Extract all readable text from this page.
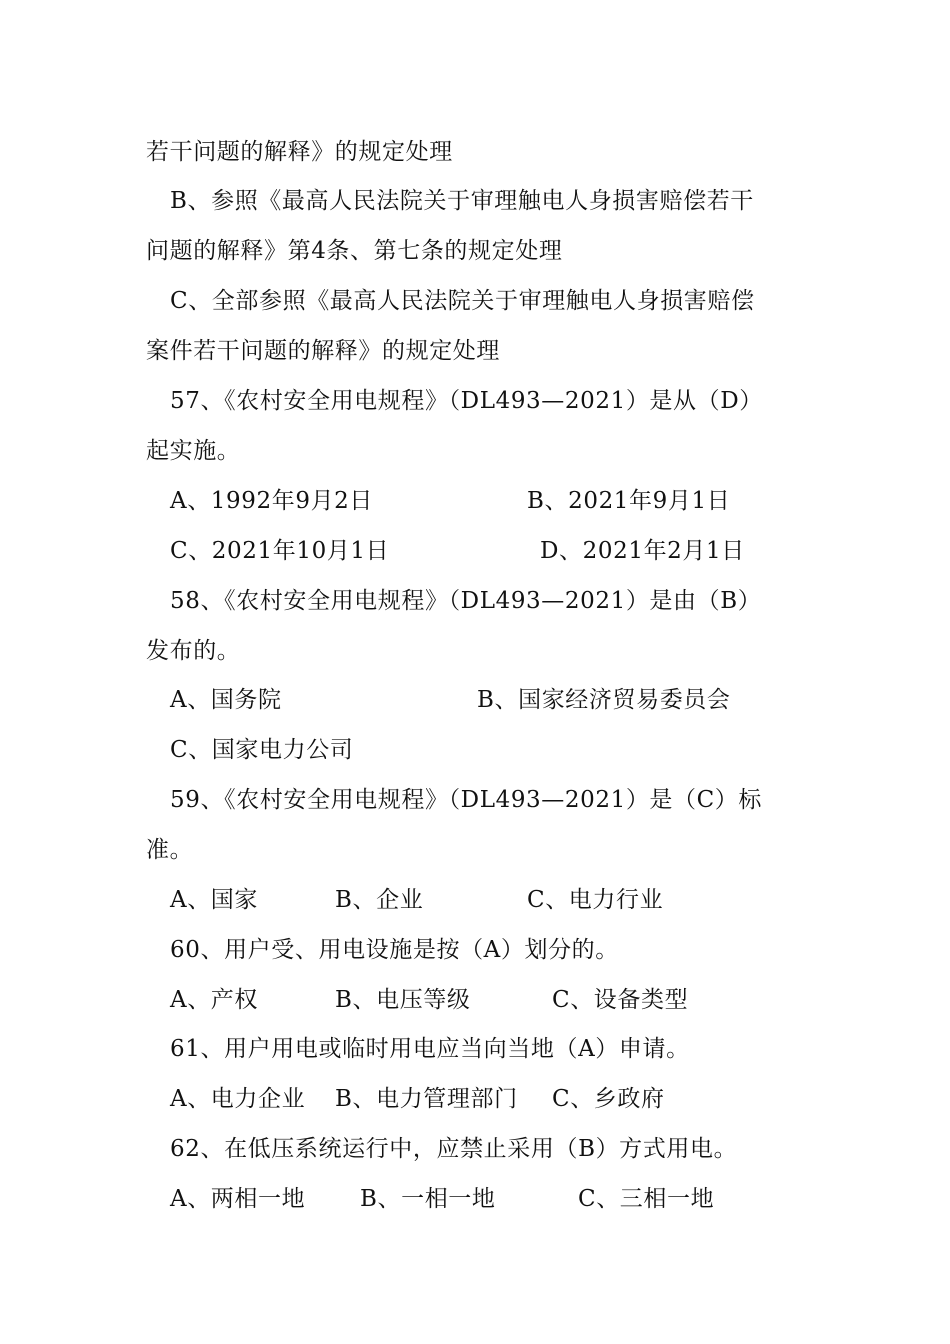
若干问题的解释》的规定处理
B、参照《最高人民法院关于审理触电人身损害赔偿若干
问题的解释》第4条、第七条的规定处理
C、全部参照《最高人民法院关于审理触电人身损害赔偿
案件若干问题的解释》的规定处理
57、《农村安全用电规程》（DL493—2021）是从（D）
起实施。
A、1992年9月2日	B、2021年9月1日
C、2021年10月1日	D、2021年2月1日
58、《农村安全用电规程》（DL493—2021）是由（B）
发布的。
A、国务院	B、国家经济贸易委员会
C、国家电力公司
59、《农村安全用电规程》（DL493—2021）是（C）标
准。
A、国家	B、企业	C、电力行业
60、用户受、用电设施是按（A）划分的。
A、产权	B、电压等级	C、设备类型
61、用户用电或临时用电应当向当地（A）申请。
A、电力企业 B、电力管理部门 C、乡政府
62、在低压系统运行中，应禁止采用（B）方式用电。
A、两相一地 B、一相一地	C、三相一地
